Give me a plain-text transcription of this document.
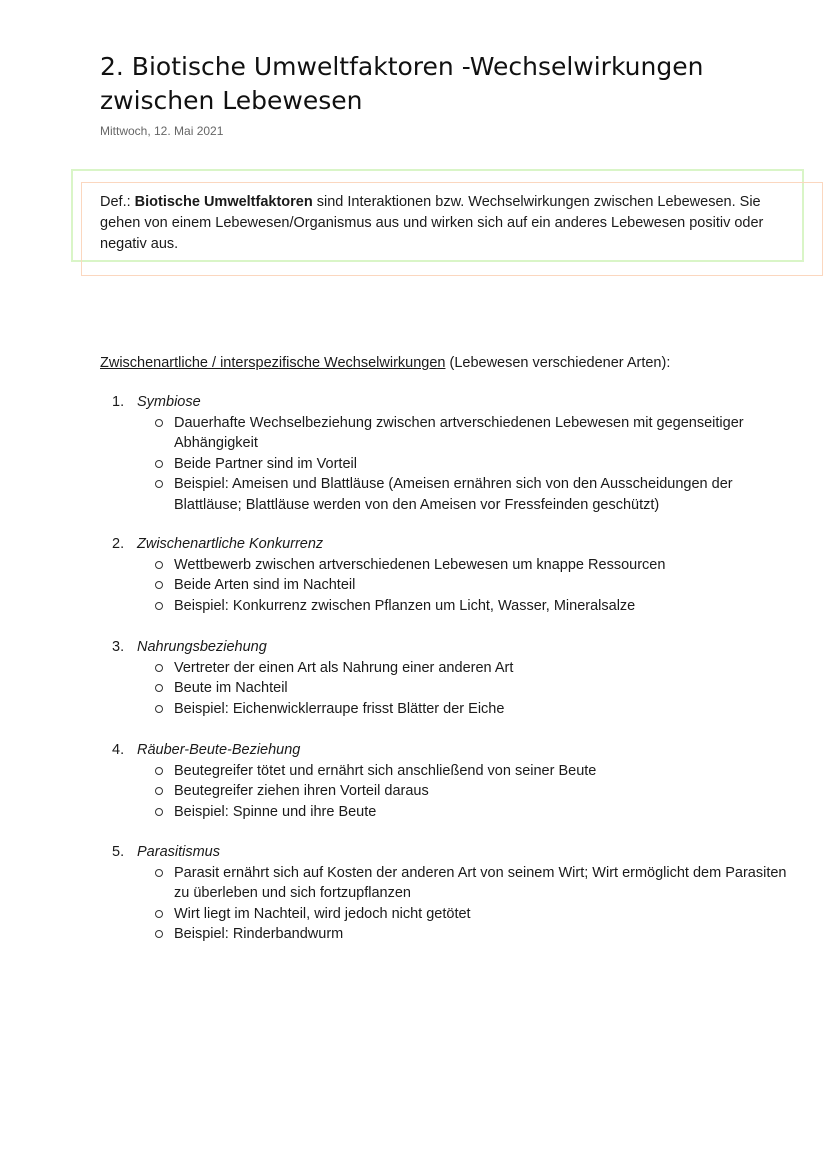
2. Biotische Umweltfaktoren -Wechselwirkungen
zwischen Lebewesen
Mittwoch, 12. Mai 2021

Def.: Biotische Umweltfaktoren sind Interaktionen bzw. Wechselwirkungen zwischen Lebewesen. Sie gehen von einem Lebewesen/Organismus aus und wirken sich auf ein anderes Lebewesen positiv oder negativ aus.

Zwischenartliche / interspezifische Wechselwirkungen (Lebewesen verschiedener Arten):

1. Symbiose

Dauerhafte Wechselbeziehung zwischen artverschiedenen Lebewesen mit gegenseitiger Abhängigkeit
Beide Partner sind im Vorteil
Beispiel: Ameisen und Blattläuse (Ameisen ernähren sich von den Ausscheidungen der Blattläuse; Blattläuse werden von den Ameisen vor Fressfeinden geschützt)

2. Zwischenartliche Konkurrenz

Wettbewerb zwischen artverschiedenen Lebewesen um knappe Ressourcen
Beide Arten sind im Nachteil
Beispiel: Konkurrenz zwischen Pflanzen um Licht, Wasser, Mineralsalze

3. Nahrungsbeziehung

Vertreter der einen Art als Nahrung einer anderen Art
Beute im Nachteil
Beispiel: Eichenwicklerraupe frisst Blätter der Eiche

4. Räuber-Beute-Beziehung

Beutegreifer tötet und ernährt sich anschließend von seiner Beute
Beutegreifer ziehen ihren Vorteil daraus
Beispiel: Spinne und ihre Beute

5. Parasitismus

Parasit ernährt sich auf Kosten der anderen Art von seinem Wirt; Wirt ermöglicht dem Parasiten zu überleben und sich fortzupflanzen
Wirt liegt im Nachteil, wird jedoch nicht getötet
Beispiel: Rinderbandwurm
